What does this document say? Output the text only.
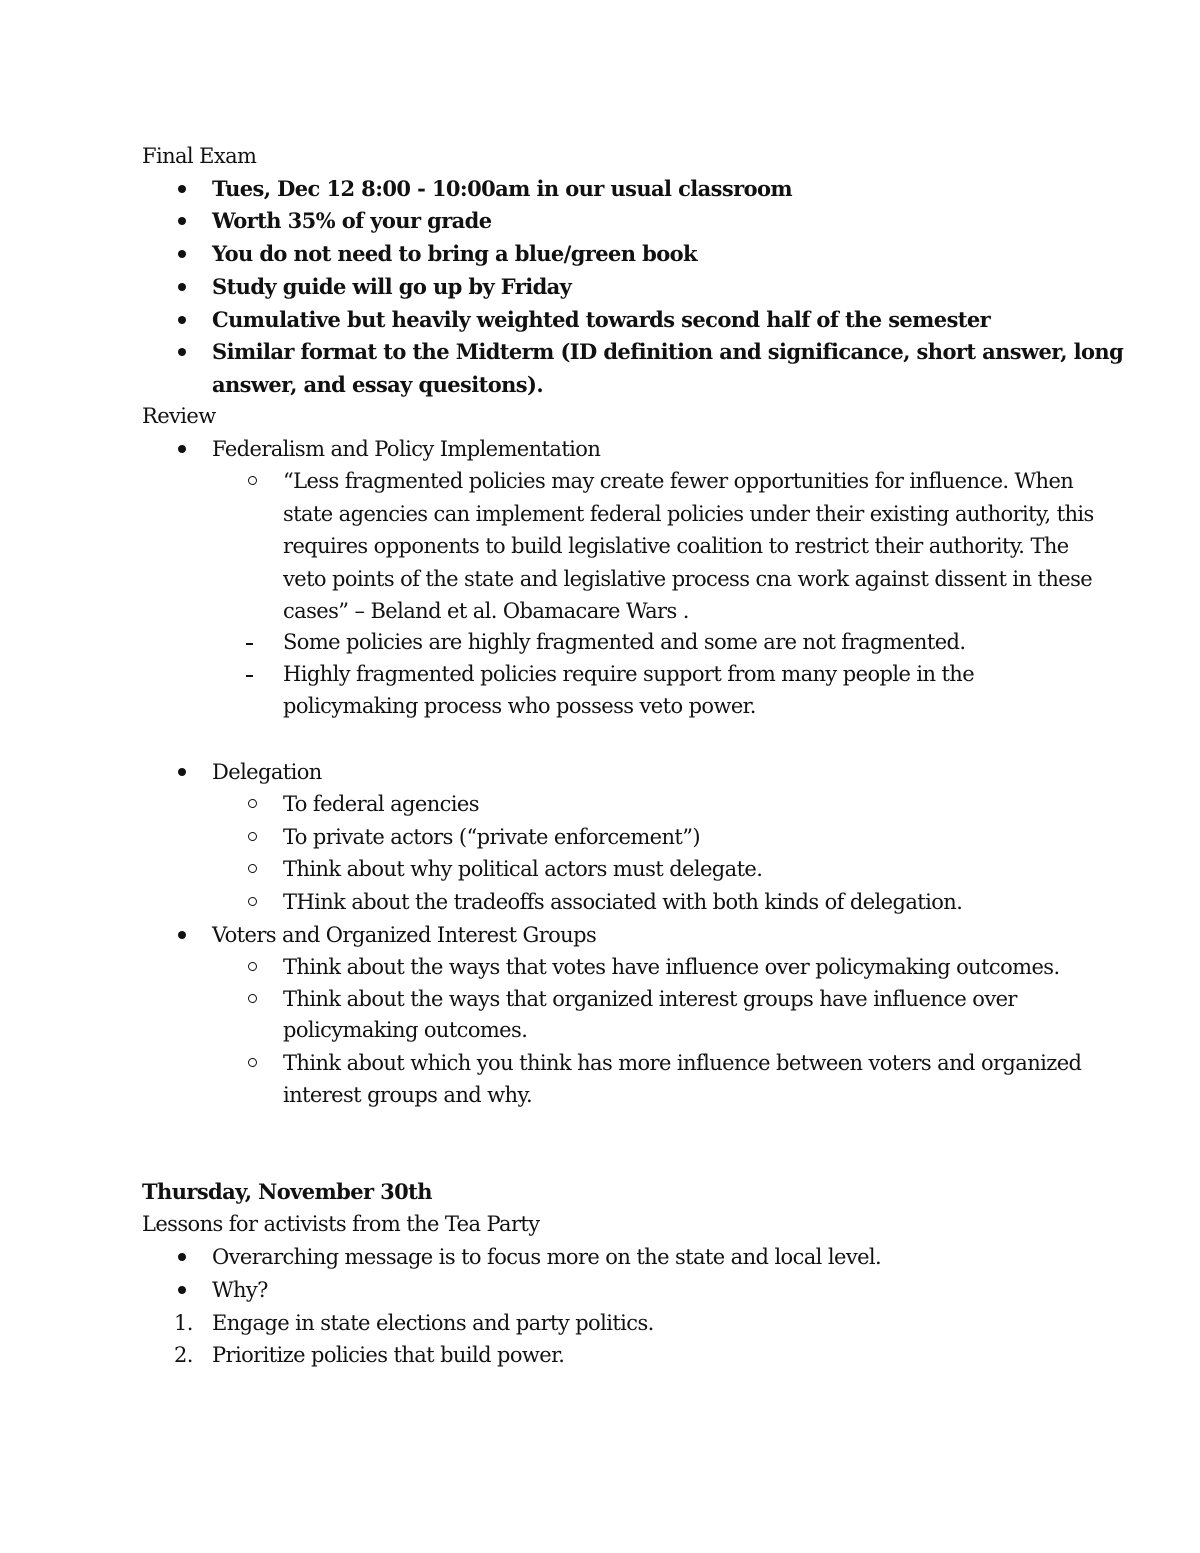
Final Exam
Tues, Dec 12 8:00 - 10:00am in our usual classroom
Worth 35% of your grade
You do not need to bring a blue/green book
Study guide will go up by Friday
Cumulative but heavily weighted towards second half of the semester
Similar format to the Midterm (ID definition and significance, short answer, long
answer, and essay quesitons).
Review
Federalism and Policy Implementation
“Less fragmented policies may create fewer opportunities for influence. When
state agencies can implement federal policies under their existing authority, this
requires opponents to build legislative coalition to restrict their authority. The
veto points of the state and legislative process cna work against dissent in these
cases” – Beland et al. Obamacare Wars .
Some policies are highly fragmented and some are not fragmented.
Highly fragmented policies require support from many people in the
policymaking process who possess veto power.
Delegation
To federal agencies
To private actors (“private enforcement”)
Think about why political actors must delegate.
THink about the tradeoffs associated with both kinds of delegation.
Voters and Organized Interest Groups
Think about the ways that votes have influence over policymaking outcomes.
Think about the ways that organized interest groups have influence over
policymaking outcomes.
Think about which you think has more influence between voters and organized
interest groups and why.
Thursday, November 30th
Lessons for activists from the Tea Party
Overarching message is to focus more on the state and local level.
Why?
1. Engage in state elections and party politics.
2. Prioritize policies that build power.
